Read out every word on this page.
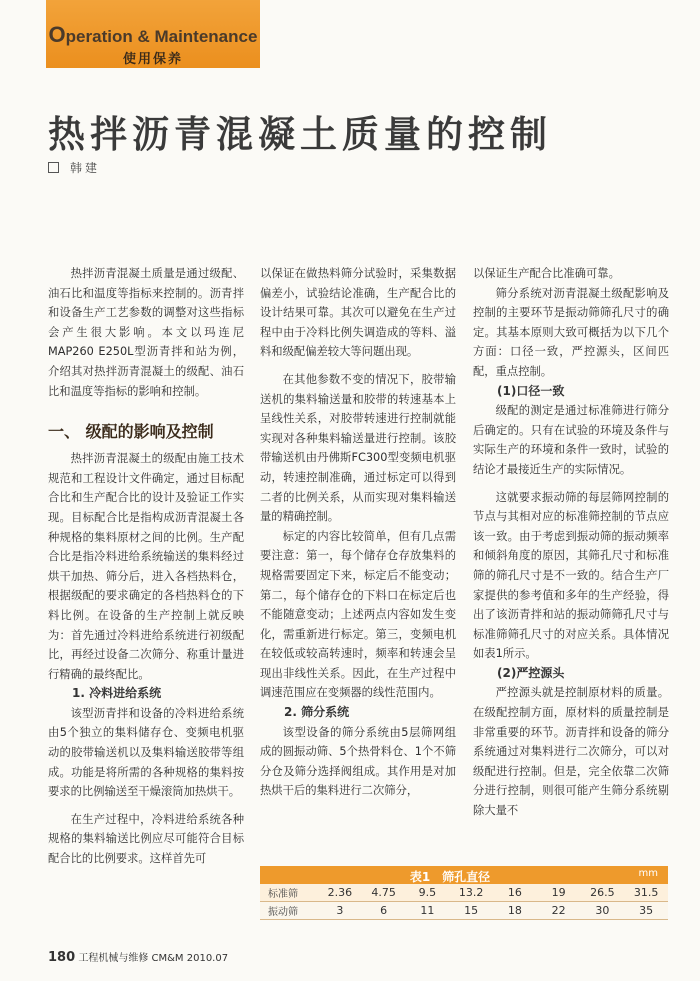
Operation & Maintenance
使用保养
热拌沥青混凝土质量的控制
韩建

热拌沥青混凝土质量是通过级配、油石比和温度等指标来控制的。沥青拌和设备生产工艺参数的调整对这些指标会产生很大影响。本文以玛连尼MAP260 E250L型沥青拌和站为例，介绍其对热拌沥青混凝土的级配、油石比和温度等指标的影响和控制。

一、 级配的影响及控制

热拌沥青混凝土的级配由施工技术规范和工程设计文件确定，通过目标配合比和生产配合比的设计及验证工作实现。目标配合比是指构成沥青混凝土各种规格的集料原材之间的比例。生产配合比是指冷料进给系统输送的集料经过烘干加热、筛分后，进入各档热料仓，根据级配的要求确定的各档热料仓的下料比例。在设备的生产控制上就反映为：首先通过冷料进给系统进行初级配比，再经过设备二次筛分、称重计量进行精确的最终配比。

1. 冷料进给系统

该型沥青拌和设备的冷料进给系统由5个独立的集料储存仓、变频电机驱动的胶带输送机以及集料输送胶带等组成。功能是将所需的各种规格的集料按要求的比例输送至干燥滚筒加热烘干。

在生产过程中，冷料进给系统各种规格的集料输送比例应尽可能符合目标配合比的比例要求。这样首先可

以保证在做热料筛分试验时，采集数据偏差小，试验结论准确，生产配合比的设计结果可靠。其次可以避免在生产过程中由于冷料比例失调造成的等料、溢料和级配偏差较大等问题出现。

在其他参数不变的情况下，胶带输送机的集料输送量和胶带的转速基本上呈线性关系，对胶带转速进行控制就能实现对各种集料输送量进行控制。该胶带输送机由丹佛斯FC300型变频电机驱动，转速控制准确，通过标定可以得到二者的比例关系，从而实现对集料输送量的精确控制。

标定的内容比较简单，但有几点需要注意：第一，每个储存仓存放集料的规格需要固定下来，标定后不能变动；第二，每个储存仓的下料口在标定后也不能随意变动；上述两点内容如发生变化，需重新进行标定。第三，变频电机在较低或较高转速时，频率和转速会呈现出非线性关系。因此，在生产过程中调速范围应在变频器的线性范围内。

2. 筛分系统

该型设备的筛分系统由5层筛网组成的圆振动筛、5个热骨料仓、1个不筛分仓及筛分选择阀组成。其作用是对加热烘干后的集料进行二次筛分，

以保证生产配合比准确可靠。

筛分系统对沥青混凝土级配影响及控制的主要环节是振动筛筛孔尺寸的确定。其基本原则大致可概括为以下几个方面：口径一致，严控源头，区间匹配，重点控制。

(1)口径一致

级配的测定是通过标准筛进行筛分后确定的。只有在试验的环境及条件与实际生产的环境和条件一致时，试验的结论才最接近生产的实际情况。

这就要求振动筛的每层筛网控制的节点与其相对应的标准筛控制的节点应该一致。由于考虑到振动筛的振动频率和倾斜角度的原因，其筛孔尺寸和标准筛的筛孔尺寸是不一致的。结合生产厂家提供的参考值和多年的生产经验，得出了该沥青拌和站的振动筛筛孔尺寸与标准筛筛孔尺寸的对应关系。具体情况如表1所示。

(2)严控源头

严控源头就是控制原材料的质量。在级配控制方面，原材料的质量控制是非常重要的环节。沥青拌和设备的筛分系统通过对集料进行二次筛分，可以对级配进行控制。但是，完全依靠二次筛分进行控制，则很可能产生筛分系统剔除大量不

表1　筛孔直径	mm
标准筛	2.36	4.75	9.5	13.2	16	19	26.5	31.5
振动筛	3	6	11	15	18	22	30	35
180 工程机械与维修 CM&M 2010.07
